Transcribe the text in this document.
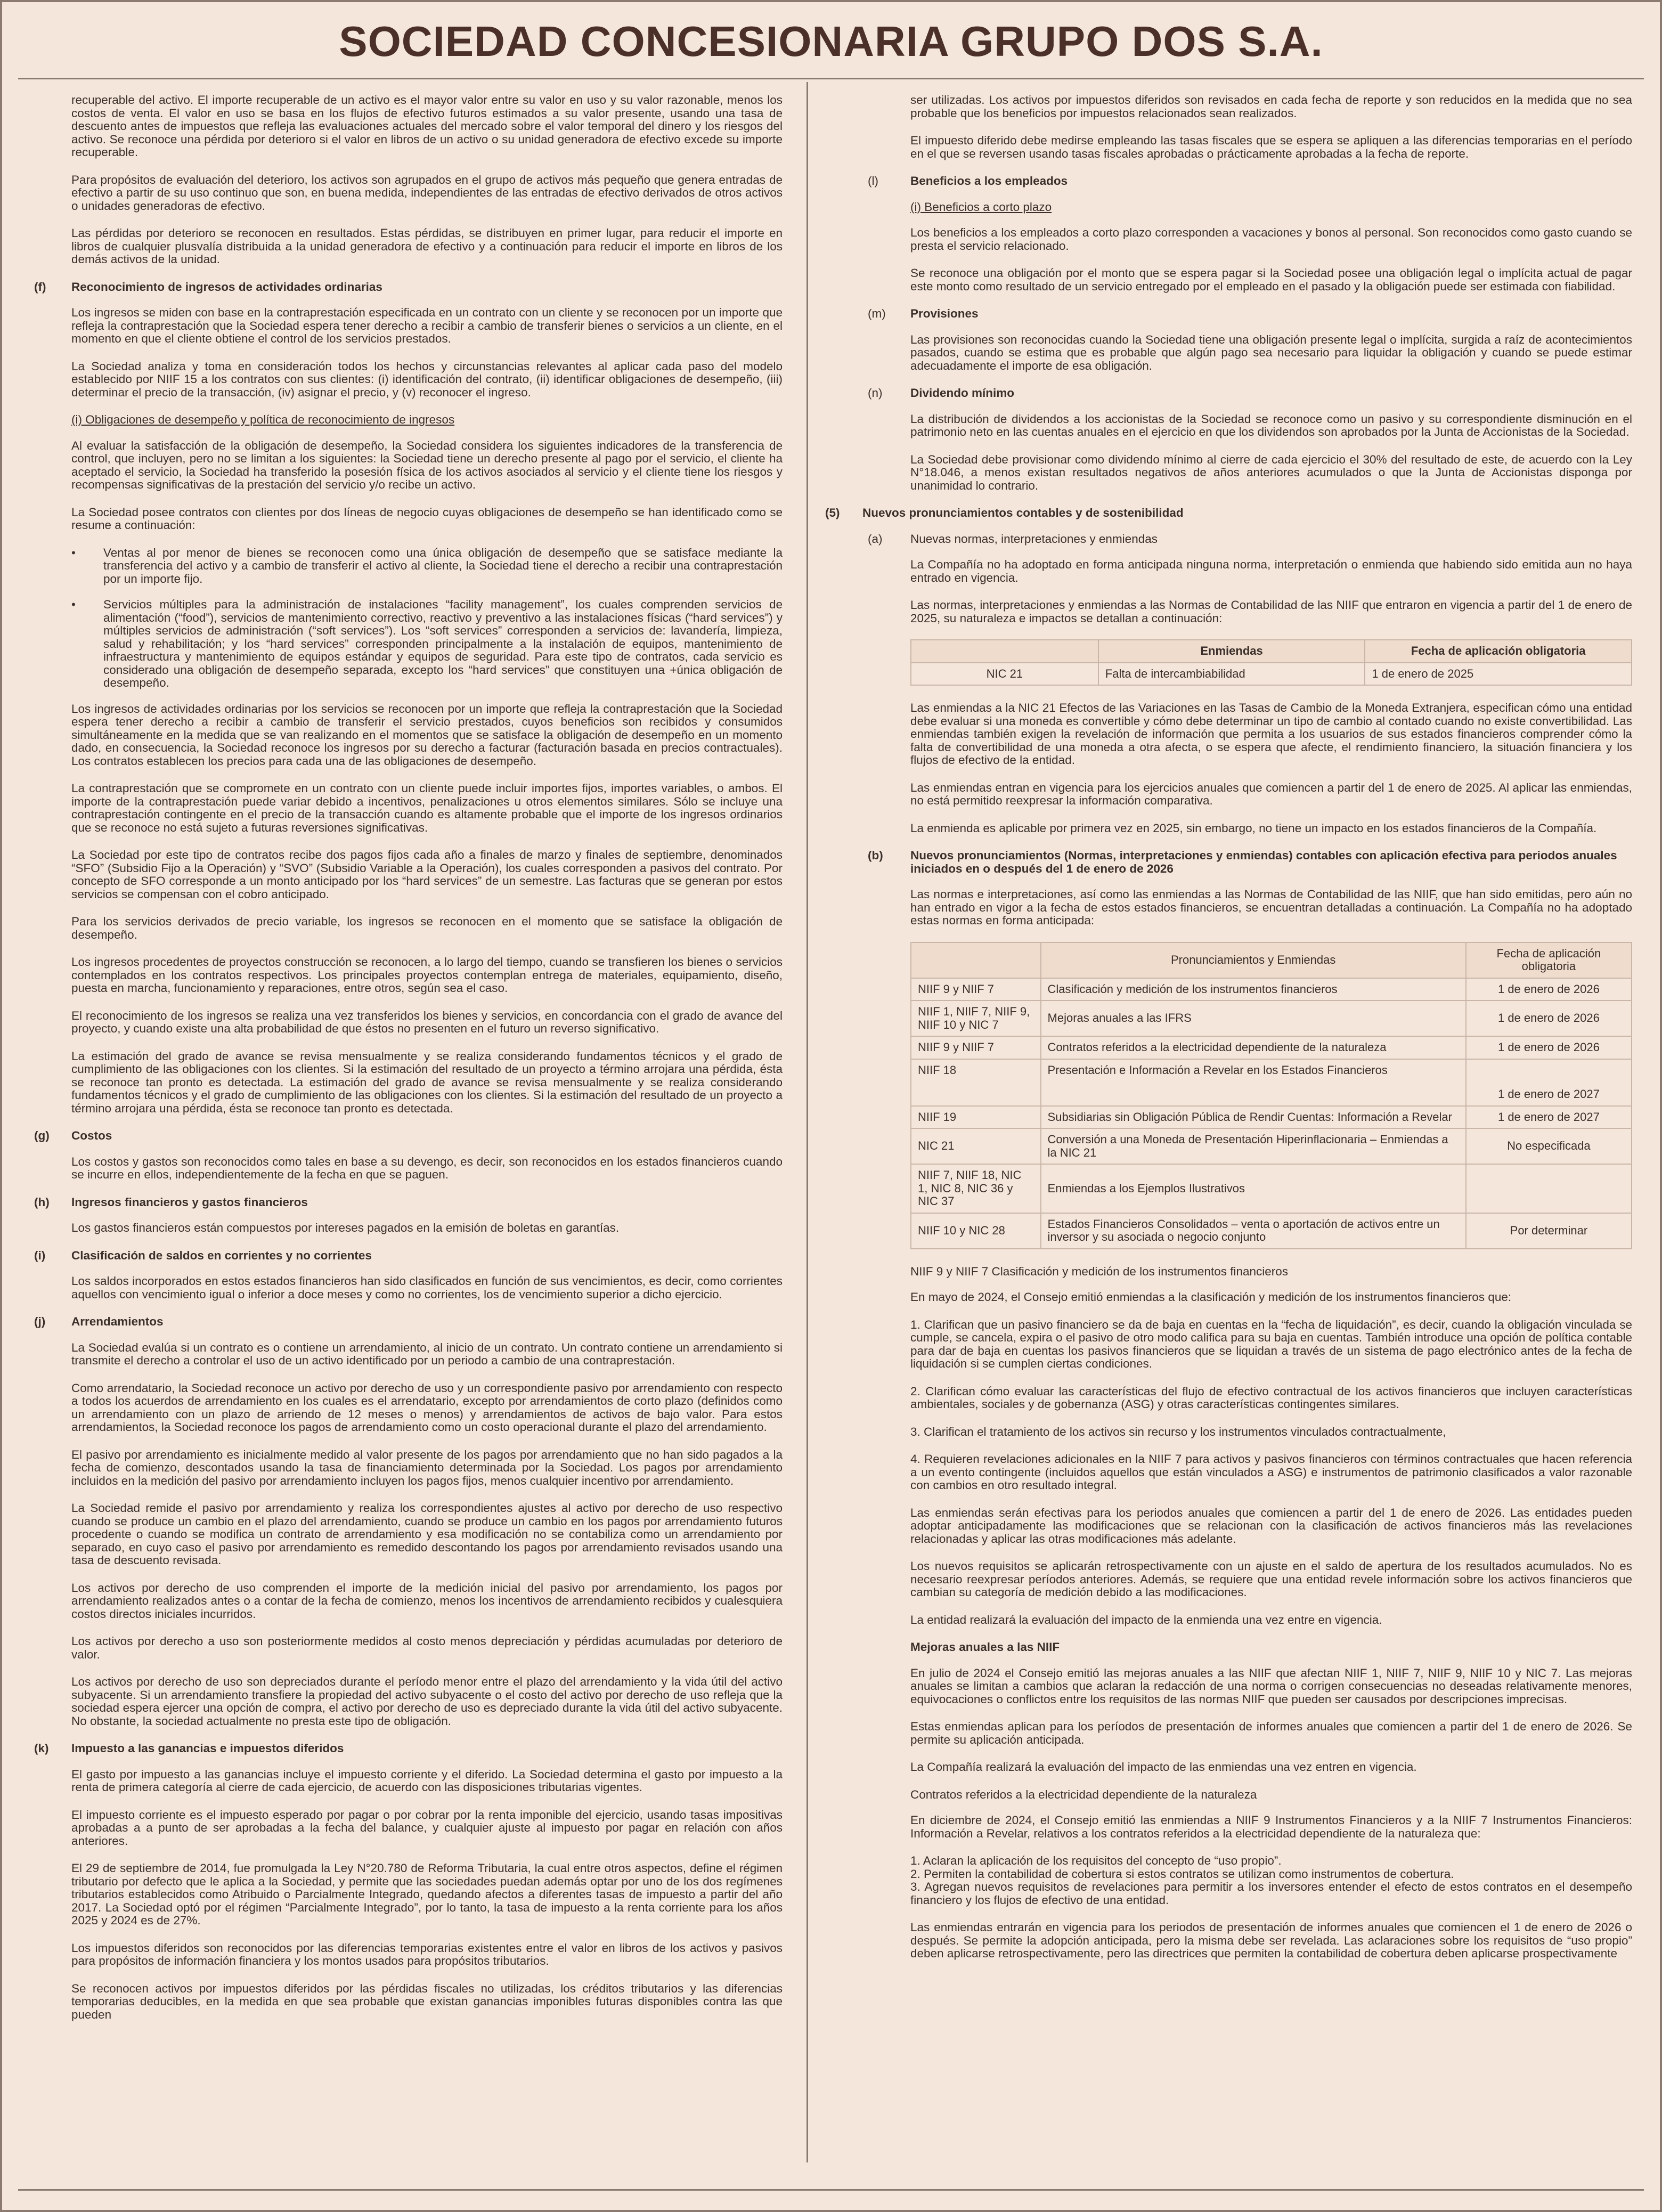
SOCIEDAD CONCESIONARIA GRUPO DOS S.A.

recuperable del activo. El importe recuperable de un activo es el mayor valor entre su valor en uso y su valor razonable, menos los costos de venta. El valor en uso se basa en los flujos de efectivo futuros estimados a su valor presente, usando una tasa de descuento antes de impuestos que refleja las evaluaciones actuales del mercado sobre el valor temporal del dinero y los riesgos del activo. Se reconoce una pérdida por deterioro si el valor en libros de un activo o su unidad generadora de efectivo excede su importe recuperable.

Para propósitos de evaluación del deterioro, los activos son agrupados en el grupo de activos más pequeño que genera entradas de efectivo a partir de su uso continuo que son, en buena medida, independientes de las entradas de efectivo derivados de otros activos o unidades generadoras de efectivo.

Las pérdidas por deterioro se reconocen en resultados. Estas pérdidas, se distribuyen en primer lugar, para reducir el importe en libros de cualquier plusvalía distribuida a la unidad generadora de efectivo y a continuación para reducir el importe en libros de los demás activos de la unidad.

(f) Reconocimiento de ingresos de actividades ordinarias

Los ingresos se miden con base en la contraprestación especificada en un contrato con un cliente y se reconocen por un importe que refleja la contraprestación que la Sociedad espera tener derecho a recibir a cambio de transferir bienes o servicios a un cliente, en el momento en que el cliente obtiene el control de los servicios prestados.

La Sociedad analiza y toma en consideración todos los hechos y circunstancias relevantes al aplicar cada paso del modelo establecido por NIIF 15 a los contratos con sus clientes: (i) identificación del contrato, (ii) identificar obligaciones de desempeño, (iii) determinar el precio de la transacción, (iv) asignar el precio, y (v) reconocer el ingreso.

(i) Obligaciones de desempeño y política de reconocimiento de ingresos

Al evaluar la satisfacción de la obligación de desempeño, la Sociedad considera los siguientes indicadores de la transferencia de control, que incluyen, pero no se limitan a los siguientes: la Sociedad tiene un derecho presente al pago por el servicio, el cliente ha aceptado el servicio, la Sociedad ha transferido la posesión física de los activos asociados al servicio y el cliente tiene los riesgos y recompensas significativas de la prestación del servicio y/o recibe un activo.

La Sociedad posee contratos con clientes por dos líneas de negocio cuyas obligaciones de desempeño se han identificado como se resume a continuación:

• Ventas al por menor de bienes se reconocen como una única obligación de desempeño que se satisface mediante la transferencia del activo y a cambio de transferir el activo al cliente, la Sociedad tiene el derecho a recibir una contraprestación por un importe fijo.
• Servicios múltiples para la administración de instalaciones “facility management”, los cuales comprenden servicios de alimentación (“food”), servicios de mantenimiento correctivo, reactivo y preventivo a las instalaciones físicas (“hard services”) y múltiples servicios de administración (“soft services”). Los “soft services” corresponden a servicios de: lavandería, limpieza, salud y rehabilitación; y los “hard services” corresponden principalmente a la instalación de equipos, mantenimiento de infraestructura y mantenimiento de equipos estándar y equipos de seguridad. Para este tipo de contratos, cada servicio es considerado una obligación de desempeño separada, excepto los “hard services” que constituyen una +única obligación de desempeño.

Los ingresos de actividades ordinarias por los servicios se reconocen por un importe que refleja la contraprestación que la Sociedad espera tener derecho a recibir a cambio de transferir el servicio prestados, cuyos beneficios son recibidos y consumidos simultáneamente en la medida que se van realizando en el momentos que se satisface la obligación de desempeño en un momento dado, en consecuencia, la Sociedad reconoce los ingresos por su derecho a facturar (facturación basada en precios contractuales). Los contratos establecen los precios para cada una de las obligaciones de desempeño.

La contraprestación que se compromete en un contrato con un cliente puede incluir importes fijos, importes variables, o ambos. El importe de la contraprestación puede variar debido a incentivos, penalizaciones u otros elementos similares. Sólo se incluye una contraprestación contingente en el precio de la transacción cuando es altamente probable que el importe de los ingresos ordinarios que se reconoce no está sujeto a futuras reversiones significativas.

La Sociedad por este tipo de contratos recibe dos pagos fijos cada año a finales de marzo y finales de septiembre, denominados “SFO” (Subsidio Fijo a la Operación) y “SVO” (Subsidio Variable a la Operación), los cuales corresponden a pasivos del contrato. Por concepto de SFO corresponde a un monto anticipado por los “hard services” de un semestre. Las facturas que se generan por estos servicios se compensan con el cobro anticipado.

Para los servicios derivados de precio variable, los ingresos se reconocen en el momento que se satisface la obligación de desempeño.

Los ingresos procedentes de proyectos construcción se reconocen, a lo largo del tiempo, cuando se transfieren los bienes o servicios contemplados en los contratos respectivos. Los principales proyectos contemplan entrega de materiales, equipamiento, diseño, puesta en marcha, funcionamiento y reparaciones, entre otros, según sea el caso.

El reconocimiento de los ingresos se realiza una vez transferidos los bienes y servicios, en concordancia con el grado de avance del proyecto, y cuando existe una alta probabilidad de que éstos no presenten en el futuro un reverso significativo.

La estimación del grado de avance se revisa mensualmente y se realiza considerando fundamentos técnicos y el grado de cumplimiento de las obligaciones con los clientes. Si la estimación del resultado de un proyecto a término arrojara una pérdida, ésta se reconoce tan pronto es detectada. La estimación del grado de avance se revisa mensualmente y se realiza considerando fundamentos técnicos y el grado de cumplimiento de las obligaciones con los clientes. Si la estimación del resultado de un proyecto a término arrojara una pérdida, ésta se reconoce tan pronto es detectada.

(g) Costos

Los costos y gastos son reconocidos como tales en base a su devengo, es decir, son reconocidos en los estados financieros cuando se incurre en ellos, independientemente de la fecha en que se paguen.

(h) Ingresos financieros y gastos financieros

Los gastos financieros están compuestos por intereses pagados en la emisión de boletas en garantías.

(i) Clasificación de saldos en corrientes y no corrientes

Los saldos incorporados en estos estados financieros han sido clasificados en función de sus vencimientos, es decir, como corrientes aquellos con vencimiento igual o inferior a doce meses y como no corrientes, los de vencimiento superior a dicho ejercicio.

(j) Arrendamientos

La Sociedad evalúa si un contrato es o contiene un arrendamiento, al inicio de un contrato. Un contrato contiene un arrendamiento si transmite el derecho a controlar el uso de un activo identificado por un periodo a cambio de una contraprestación.

Como arrendatario, la Sociedad reconoce un activo por derecho de uso y un correspondiente pasivo por arrendamiento con respecto a todos los acuerdos de arrendamiento en los cuales es el arrendatario, excepto por arrendamientos de corto plazo (definidos como un arrendamiento con un plazo de arriendo de 12 meses o menos) y arrendamientos de activos de bajo valor. Para estos arrendamientos, la Sociedad reconoce los pagos de arrendamiento como un costo operacional durante el plazo del arrendamiento.

El pasivo por arrendamiento es inicialmente medido al valor presente de los pagos por arrendamiento que no han sido pagados a la fecha de comienzo, descontados usando la tasa de financiamiento determinada por la Sociedad. Los pagos por arrendamiento incluidos en la medición del pasivo por arrendamiento incluyen los pagos fijos, menos cualquier incentivo por arrendamiento.

La Sociedad remide el pasivo por arrendamiento y realiza los correspondientes ajustes al activo por derecho de uso respectivo cuando se produce un cambio en el plazo del arrendamiento, cuando se produce un cambio en los pagos por arrendamiento futuros procedente o cuando se modifica un contrato de arrendamiento y esa modificación no se contabiliza como un arrendamiento por separado, en cuyo caso el pasivo por arrendamiento es remedido descontando los pagos por arrendamiento revisados usando una tasa de descuento revisada.

Los activos por derecho de uso comprenden el importe de la medición inicial del pasivo por arrendamiento, los pagos por arrendamiento realizados antes o a contar de la fecha de comienzo, menos los incentivos de arrendamiento recibidos y cualesquiera costos directos iniciales incurridos.

Los activos por derecho a uso son posteriormente medidos al costo menos depreciación y pérdidas acumuladas por deterioro de valor.

Los activos por derecho de uso son depreciados durante el período menor entre el plazo del arrendamiento y la vida útil del activo subyacente. Si un arrendamiento transfiere la propiedad del activo subyacente o el costo del activo por derecho de uso refleja que la sociedad espera ejercer una opción de compra, el activo por derecho de uso es depreciado durante la vida útil del activo subyacente. No obstante, la sociedad actualmente no presta este tipo de obligación.

(k) Impuesto a las ganancias e impuestos diferidos

El gasto por impuesto a las ganancias incluye el impuesto corriente y el diferido. La Sociedad determina el gasto por impuesto a la renta de primera categoría al cierre de cada ejercicio, de acuerdo con las disposiciones tributarias vigentes.

El impuesto corriente es el impuesto esperado por pagar o por cobrar por la renta imponible del ejercicio, usando tasas impositivas aprobadas a a punto de ser aprobadas a la fecha del balance, y cualquier ajuste al impuesto por pagar en relación con años anteriores.

El 29 de septiembre de 2014, fue promulgada la Ley N°20.780 de Reforma Tributaria, la cual entre otros aspectos, define el régimen tributario por defecto que le aplica a la Sociedad, y permite que las sociedades puedan además optar por uno de los dos regímenes tributarios establecidos como Atribuido o Parcialmente Integrado, quedando afectos a diferentes tasas de impuesto a partir del año 2017. La Sociedad optó por el régimen “Parcialmente Integrado”, por lo tanto, la tasa de impuesto a la renta corriente para los años 2025 y 2024 es de 27%.

Los impuestos diferidos son reconocidos por las diferencias temporarias existentes entre el valor en libros de los activos y pasivos para propósitos de información financiera y los montos usados para propósitos tributarios.

Se reconocen activos por impuestos diferidos por las pérdidas fiscales no utilizadas, los créditos tributarios y las diferencias temporarias deducibles, en la medida en que sea probable que existan ganancias imponibles futuras disponibles contra las que pueden

ser utilizadas. Los activos por impuestos diferidos son revisados en cada fecha de reporte y son reducidos en la medida que no sea probable que los beneficios por impuestos relacionados sean realizados.

El impuesto diferido debe medirse empleando las tasas fiscales que se espera se apliquen a las diferencias temporarias en el período en el que se reversen usando tasas fiscales aprobadas o prácticamente aprobadas a la fecha de reporte.

(l)	Beneficios a los empleados

(i) Beneficios a corto plazo

Los beneficios a los empleados a corto plazo corresponden a vacaciones y bonos al personal. Son reconocidos como gasto cuando se presta el servicio relacionado.

Se reconoce una obligación por el monto que se espera pagar si la Sociedad posee una obligación legal o implícita actual de pagar este monto como resultado de un servicio entregado por el empleado en el pasado y la obligación puede ser estimada con fiabilidad.

(m) Provisiones

Las provisiones son reconocidas cuando la Sociedad tiene una obligación presente legal o implícita, surgida a raíz de acontecimientos pasados, cuando se estima que es probable que algún pago sea necesario para liquidar la obligación y cuando se puede estimar adecuadamente el importe de esa obligación.

(n) Dividendo mínimo

La distribución de dividendos a los accionistas de la Sociedad se reconoce como un pasivo y su correspondiente disminución en el patrimonio neto en las cuentas anuales en el ejercicio en que los dividendos son aprobados por la Junta de Accionistas de la Sociedad.

La Sociedad debe provisionar como dividendo mínimo al cierre de cada ejercicio el 30% del resultado de este, de acuerdo con la Ley N°18.046, a menos existan resultados negativos de años anteriores acumulados o que la Junta de Accionistas disponga por unanimidad lo contrario.

(5) Nuevos pronunciamientos contables y de sostenibilidad
(a) Nuevas normas, interpretaciones y enmiendas

La Compañía no ha adoptado en forma anticipada ninguna norma, interpretación o enmienda que habiendo sido emitida aun no haya entrado en vigencia.

Las normas, interpretaciones y enmiendas a las Normas de Contabilidad de las NIIF que entraron en vigencia a partir del 1 de enero de 2025, su naturaleza e impactos se detallan a continuación:

	Enmiendas	Fecha de aplicación obligatoria
NIC 21	Falta de intercambiabilidad	1 de enero de 2025

Las enmiendas a la NIC 21 Efectos de las Variaciones en las Tasas de Cambio de la Moneda Extranjera, especifican cómo una entidad debe evaluar si una moneda es convertible y cómo debe determinar un tipo de cambio al contado cuando no existe convertibilidad. Las enmiendas también exigen la revelación de información que permita a los usuarios de sus estados financieros comprender cómo la falta de convertibilidad de una moneda a otra afecta, o se espera que afecte, el rendimiento financiero, la situación financiera y los flujos de efectivo de la entidad.

Las enmiendas entran en vigencia para los ejercicios anuales que comiencen a partir del 1 de enero de 2025. Al aplicar las enmiendas, no está permitido reexpresar la información comparativa.

La enmienda es aplicable por primera vez en 2025, sin embargo, no tiene un impacto en los estados financieros de la Compañía.

(b) Nuevos pronunciamientos (Normas, interpretaciones y enmiendas) contables con aplicación efectiva para periodos anuales iniciados en o después del 1 de enero de 2026

Las normas e interpretaciones, así como las enmiendas a las Normas de Contabilidad de las NIIF, que han sido emitidas, pero aún no han entrado en vigor a la fecha de estos estados financieros, se encuentran detalladas a continuación. La Compañía no ha adoptado estas normas en forma anticipada:

	Pronunciamientos y Enmiendas	Fecha de aplicación obligatoria
NIIF 9 y NIIF 7	Clasificación y medición de los instrumentos financieros	1 de enero de 2026
NIIF 1, NIIF 7, NIIF 9, NIIF 10 y NIC 7	Mejoras anuales a las IFRS	1 de enero de 2026
NIIF 9 y NIIF 7	Contratos referidos a la electricidad dependiente de la naturaleza	1 de enero de 2026
NIIF 18	Presentación e Información a Revelar en los Estados Financieros	1 de enero de 2027
NIIF 19	Subsidiarias sin Obligación Pública de Rendir Cuentas: Información a Revelar	1 de enero de 2027
NIC 21	Conversión a una Moneda de Presentación Hiperinflacionaria – Enmiendas a la NIC 21	No especificada
NIIF 7, NIIF 18, NIC 1, NIC 8, NIC 36 y NIC 37	Enmiendas a los Ejemplos Ilustrativos	
NIIF 10 y NIC 28	Estados Financieros Consolidados – venta o aportación de activos entre un inversor y su asociada o negocio conjunto	Por determinar

NIIF 9 y NIIF 7 Clasificación y medición de los instrumentos financieros

En mayo de 2024, el Consejo emitió enmiendas a la clasificación y medición de los instrumentos financieros que:

1. Clarifican que un pasivo financiero se da de baja en cuentas en la “fecha de liquidación”, es decir, cuando la obligación vinculada se cumple, se cancela, expira o el pasivo de otro modo califica para su baja en cuentas. También introduce una opción de política contable para dar de baja en cuentas los pasivos financieros que se liquidan a través de un sistema de pago electrónico antes de la fecha de liquidación si se cumplen ciertas condiciones.

2. Clarifican cómo evaluar las características del flujo de efectivo contractual de los activos financieros que incluyen características ambientales, sociales y de gobernanza (ASG) y otras características contingentes similares.

3. Clarifican el tratamiento de los activos sin recurso y los instrumentos vinculados contractualmente,

4. Requieren revelaciones adicionales en la NIIF 7 para activos y pasivos financieros con términos contractuales que hacen referencia a un evento contingente (incluidos aquellos que están vinculados a ASG) e instrumentos de patrimonio clasificados a valor razonable con cambios en otro resultado integral.

Las enmiendas serán efectivas para los periodos anuales que comiencen a partir del 1 de enero de 2026. Las entidades pueden adoptar anticipadamente las modificaciones que se relacionan con la clasificación de activos financieros más las revelaciones relacionadas y aplicar las otras modificaciones más adelante.

Los nuevos requisitos se aplicarán retrospectivamente con un ajuste en el saldo de apertura de los resultados acumulados. No es necesario reexpresar períodos anteriores. Además, se requiere que una entidad revele información sobre los activos financieros que cambian su categoría de medición debido a las modificaciones.

La entidad realizará la evaluación del impacto de la enmienda una vez entre en vigencia.

Mejoras anuales a las NIIF

En julio de 2024 el Consejo emitió las mejoras anuales a las NIIF que afectan NIIF 1, NIIF 7, NIIF 9, NIIF 10 y NIC 7. Las mejoras anuales se limitan a cambios que aclaran la redacción de una norma o corrigen consecuencias no deseadas relativamente menores, equivocaciones o conflictos entre los requisitos de las normas NIIF que pueden ser causados por descripciones imprecisas.

Estas enmiendas aplican para los períodos de presentación de informes anuales que comiencen a partir del 1 de enero de 2026. Se permite su aplicación anticipada.

La Compañía realizará la evaluación del impacto de las enmiendas una vez entren en vigencia.

Contratos referidos a la electricidad dependiente de la naturaleza

En diciembre de 2024, el Consejo emitió las enmiendas a NIIF 9 Instrumentos Financieros y a la NIIF 7 Instrumentos Financieros: Información a Revelar, relativos a los contratos referidos a la electricidad dependiente de la naturaleza que:

1. Aclaran la aplicación de los requisitos del concepto de “uso propio”.

2. Permiten la contabilidad de cobertura si estos contratos se utilizan como instrumentos de cobertura.

3. Agregan nuevos requisitos de revelaciones para permitir a los inversores entender el efecto de estos contratos en el desempeño financiero y los flujos de efectivo de una entidad.

Las enmiendas entrarán en vigencia para los periodos de presentación de informes anuales que comiencen el 1 de enero de 2026 o después. Se permite la adopción anticipada, pero la misma debe ser revelada. Las aclaraciones sobre los requisitos de “uso propio” deben aplicarse retrospectivamente, pero las directrices que permiten la contabilidad de cobertura deben aplicarse prospectivamente
